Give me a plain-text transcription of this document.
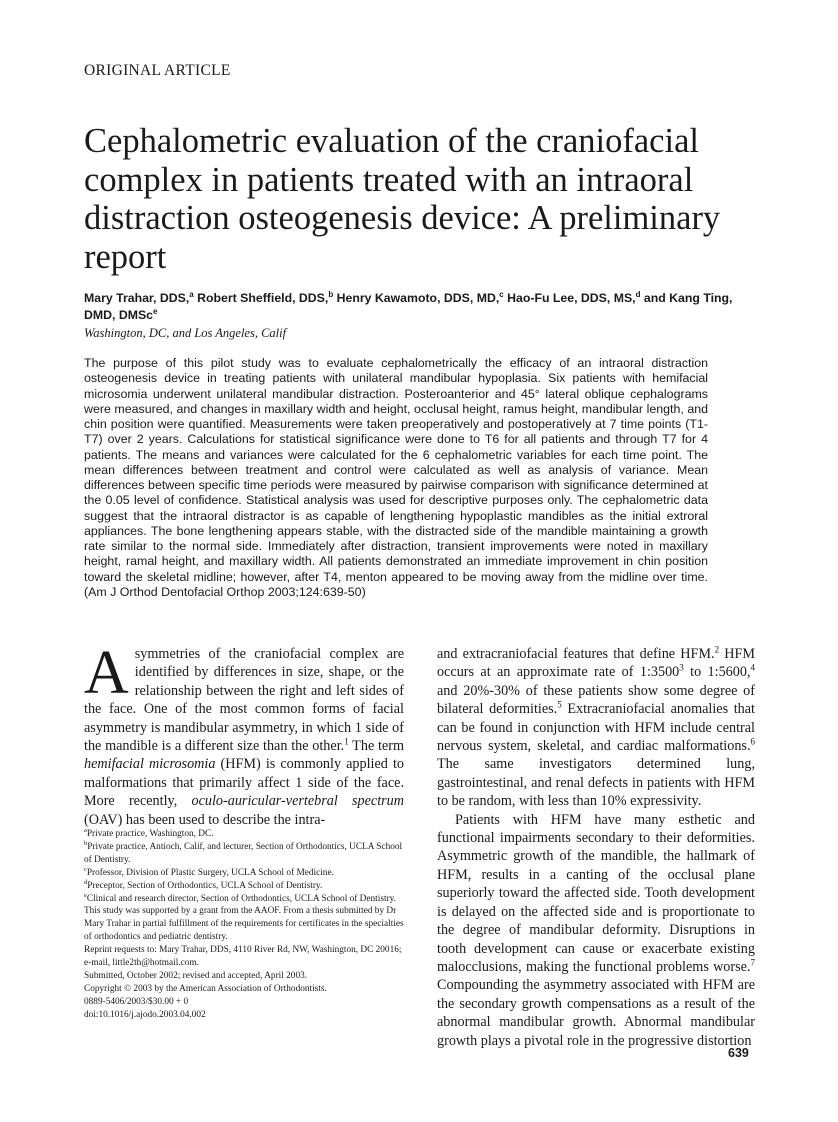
ORIGINAL ARTICLE
Cephalometric evaluation of the craniofacial complex in patients treated with an intraoral distraction osteogenesis device: A preliminary report
Mary Trahar, DDS,$^a$ Robert Sheffield, DDS,$^b$ Henry Kawamoto, DDS, MD,$^c$ Hao-Fu Lee, DDS, MS,$^d$ and Kang Ting, DMD, DMSc$^e$
Washington, DC, and Los Angeles, Calif

The purpose of this pilot study was to evaluate cephalometrically the efficacy of an intraoral distraction osteogenesis device in treating patients with unilateral mandibular hypoplasia. Six patients with hemifacial microsomia underwent unilateral mandibular distraction. Posteroanterior and 45° lateral oblique cephalograms were measured, and changes in maxillary width and height, occlusal height, ramus height, mandibular length, and chin position were quantified. Measurements were taken preoperatively and postoperatively at 7 time points (T1-T7) over 2 years. Calculations for statistical significance were done to T6 for all patients and through T7 for 4 patients. The means and variances were calculated for the 6 cephalometric variables for each time point. The mean differences between treatment and control were calculated as well as analysis of variance. Mean differences between specific time periods were measured by pairwise comparison with significance determined at the 0.05 level of confidence. Statistical analysis was used for descriptive purposes only. The cephalometric data suggest that the intraoral distractor is as capable of lengthening hypoplastic mandibles as the initial extroral appliances. The bone lengthening appears stable, with the distracted side of the mandible maintaining a growth rate similar to the normal side. Immediately after distraction, transient improvements were noted in maxillary height, ramal height, and maxillary width. All patients demonstrated an immediate improvement in chin position toward the skeletal midline; however, after T4, menton appeared to be moving away from the midline over time. (Am J Orthod Dentofacial Orthop 2003;124:639-50)

Asymmetries of the craniofacial complex are identified by differences in size, shape, or the relationship between the right and left sides of the face. One of the most common forms of facial asymmetry is mandibular asymmetry, in which 1 side of the mandible is a different size than the other.$^1$ The term hemifacial microsomia (HFM) is commonly applied to malformations that primarily affect 1 side of the face. More recently, oculo-auricular-vertebral spectrum (OAV) has been used to describe the intra-

$^a$Private practice, Washington, DC.
$^b$Private practice, Antioch, Calif, and lecturer, Section of Orthodontics, UCLA School of Dentistry.
$^c$Professor, Division of Plastic Surgery, UCLA School of Medicine.
$^d$Preceptor, Section of Orthodontics, UCLA School of Dentistry.
$^e$Clinical and research director, Section of Orthodontics, UCLA School of Dentistry.
This study was supported by a grant from the AAOF. From a thesis submitted by Dr Mary Trahar in partial fulfillment of the requirements for certificates in the specialties of orthodontics and pediatric dentistry.
Reprint requests to: Mary Trahar, DDS, 4110 River Rd, NW, Washington, DC 20016; e-mail, little2th@hotmail.com.
Submitted, October 2002; revised and accepted, April 2003.
Copyright © 2003 by the American Association of Orthodontists.
0889-5406/2003/$30.00 + 0
doi:10.1016/j.ajodo.2003.04.002

and extracraniofacial features that define HFM.$^2$ HFM occurs at an approximate rate of 1:3500$^3$ to 1:5600,$^4$ and 20%-30% of these patients show some degree of bilateral deformities.$^5$ Extracraniofacial anomalies that can be found in conjunction with HFM include central nervous system, skeletal, and cardiac malformations.$^6$ The same investigators determined lung, gastrointestinal, and renal defects in patients with HFM to be random, with less than 10% expressivity.

Patients with HFM have many esthetic and functional impairments secondary to their deformities. Asymmetric growth of the mandible, the hallmark of HFM, results in a canting of the occlusal plane superiorly toward the affected side. Tooth development is delayed on the affected side and is proportionate to the degree of mandibular deformity. Disruptions in tooth development can cause or exacerbate existing malocclusions, making the functional problems worse.$^7$ Compounding the asymmetry associated with HFM are the secondary growth compensations as a result of the abnormal mandibular growth. Abnormal mandibular growth plays a pivotal role in the progressive distortion

639
